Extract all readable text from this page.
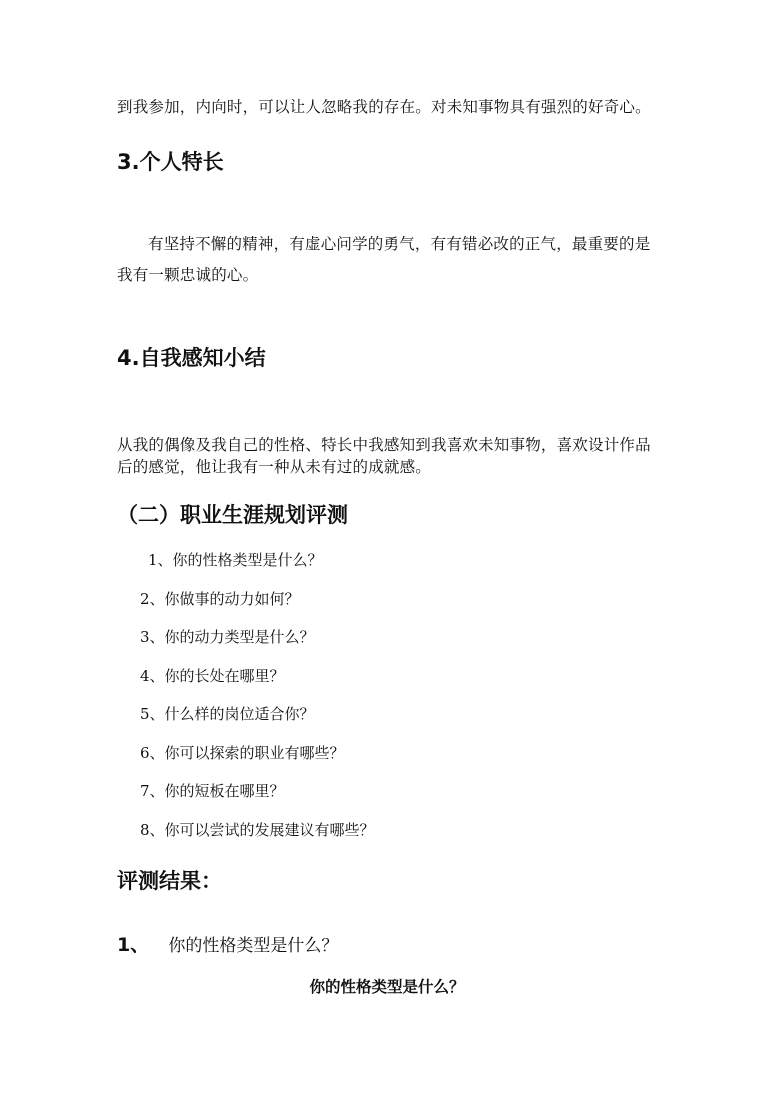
到我参加，内向时，可以让人忽略我的存在。对未知事物具有强烈的好奇心。
3.个人特长
有坚持不懈的精神，有虚心问学的勇气，有有错必改的正气，最重要的是
我有一颗忠诚的心。
4.自我感知小结
从我的偶像及我自己的性格、特长中我感知到我喜欢未知事物，喜欢设计作品
后的感觉，他让我有一种从未有过的成就感。
（二）职业生涯规划评测
1、你的性格类型是什么？
2、你做事的动力如何？
3、你的动力类型是什么？
4、你的长处在哪里？
5、什么样的岗位适合你？
6、你可以探索的职业有哪些？
7、你的短板在哪里？
8、你可以尝试的发展建议有哪些？
评测结果：
1、 你的性格类型是什么？
你的性格类型是什么？
